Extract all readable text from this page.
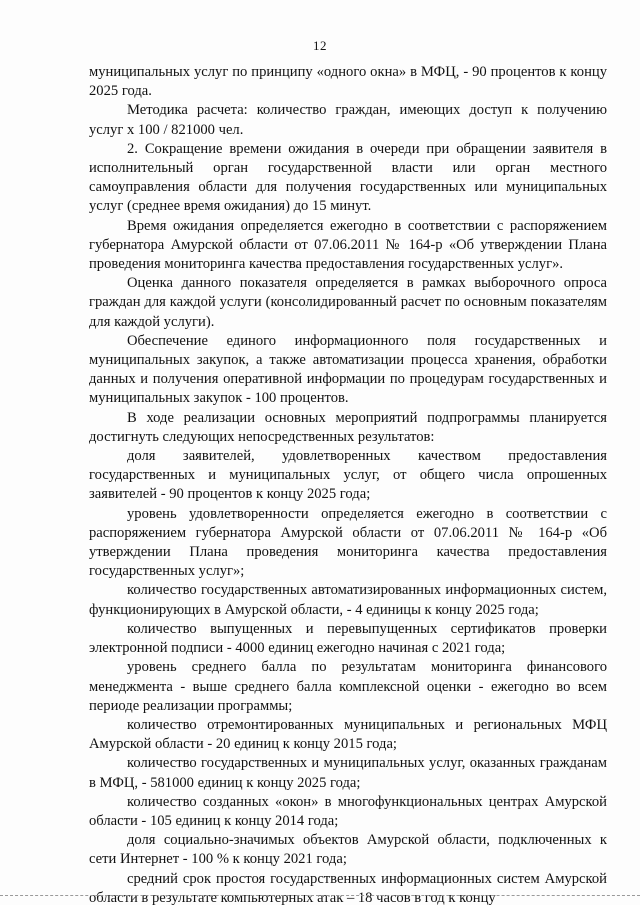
12

муниципальных услуг по принципу «одного окна» в МФЦ, - 90 процентов к концу 2025 года.

Методика расчета: количество граждан, имеющих доступ к получению услуг х 100 / 821000 чел.

2. Сокращение времени ожидания в очереди при обращении заявителя в исполнительный орган государственной власти или орган местного самоуправления области для получения государственных или муниципальных услуг (среднее время ожидания) до 15 минут.

Время ожидания определяется ежегодно в соответствии с распоряжением губернатора Амурской области от 07.06.2011 № 164-р «Об утверждении Плана проведения мониторинга качества предоставления государственных услуг».

Оценка данного показателя определяется в рамках выборочного опроса граждан для каждой услуги (консолидированный расчет по основным показателям для каждой услуги).

Обеспечение единого информационного поля государственных и муниципальных закупок, а также автоматизации процесса хранения, обработки данных и получения оперативной информации по процедурам государственных и муниципальных закупок - 100 процентов.

В ходе реализации основных мероприятий подпрограммы планируется достигнуть следующих непосредственных результатов:

доля заявителей, удовлетворенных качеством предоставления государственных и муниципальных услуг, от общего числа опрошенных заявителей - 90 процентов к концу 2025 года;

уровень удовлетворенности определяется ежегодно в соответствии с распоряжением губернатора Амурской области от 07.06.2011 № 164-р «Об утверждении Плана проведения мониторинга качества предоставления государственных услуг»;

количество государственных автоматизированных информационных систем, функционирующих в Амурской области, - 4 единицы к концу 2025 года;

количество выпущенных и перевыпущенных сертификатов проверки электронной подписи - 4000 единиц ежегодно начиная с 2021 года;

уровень среднего балла по результатам мониторинга финансового менеджмента - выше среднего балла комплексной оценки - ежегодно во всем периоде реализации программы;

количество отремонтированных муниципальных и региональных МФЦ Амурской области - 20 единиц к концу 2015 года;

количество государственных и муниципальных услуг, оказанных гражданам в МФЦ, - 581000 единиц к концу 2025 года;

количество созданных «окон» в многофункциональных центрах Амурской области - 105 единиц к концу 2014 года;

доля социально-значимых объектов Амурской области, подключенных к сети Интернет - 100 % к концу 2021 года;

средний срок простоя государственных информационных систем Амурской области в результате компьютерных атак – 18 часов в год к концу
